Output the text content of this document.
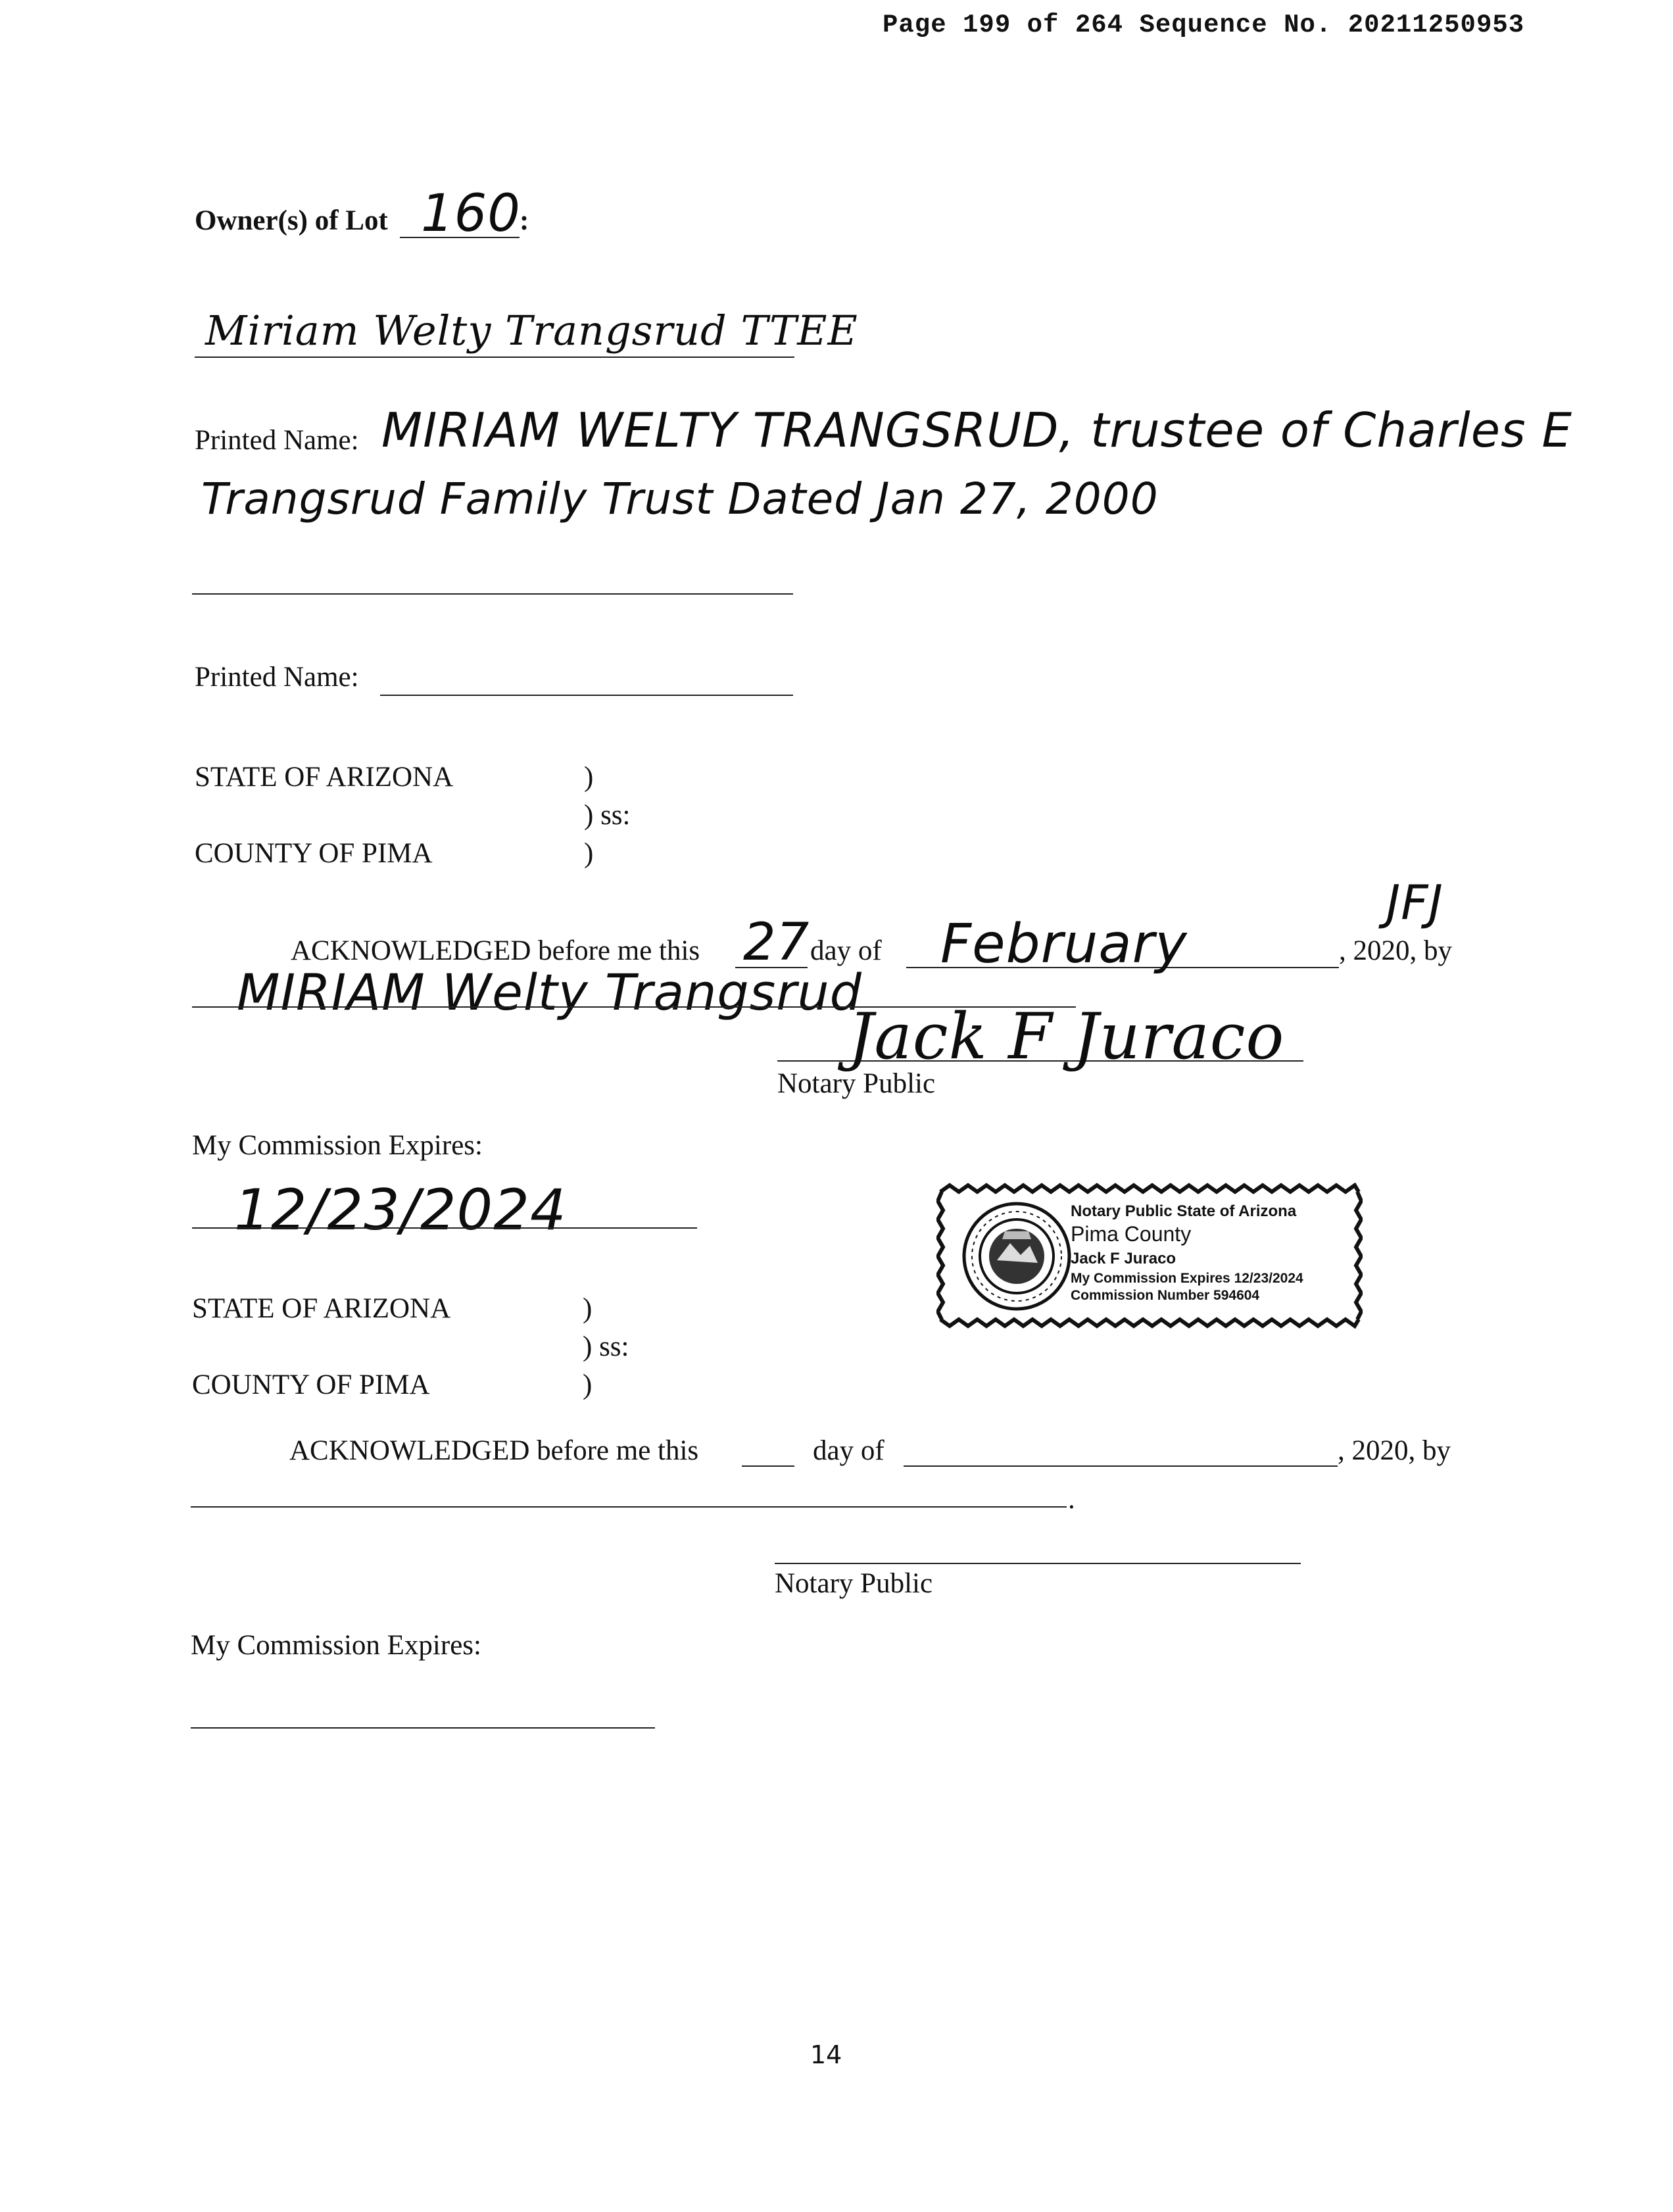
Page 199 of 264 Sequence No. 20211250953
Owner(s) of Lot 160
:
Miriam Welty Trangsrud TTEE
Printed Name: MIRIAM WELTY TRANGSRUD, trustee of Charles E
Trangsrud Family Trust Dated Jan 27, 2000
Printed Name:
STATE OF ARIZONA	)
) ss:
COUNTY OF PIMA	)
ACKNOWLEDGED before me this 27 day of February	, 2020, by
JFJ
MIRIAM Welty Trangsrud
Jack F Juraco
Notary Public
My Commission Expires:
12/23/2024	Notary Public State of Arizona
Pima County
Jack F Juraco
My Commission Expires 12/23/2024
Commission Number 594604
STATE OF ARIZONA	)
) ss:
COUNTY OF PIMA	)
ACKNOWLEDGED before me this	day of	, 2020, by
.
Notary Public
My Commission Expires:
14
